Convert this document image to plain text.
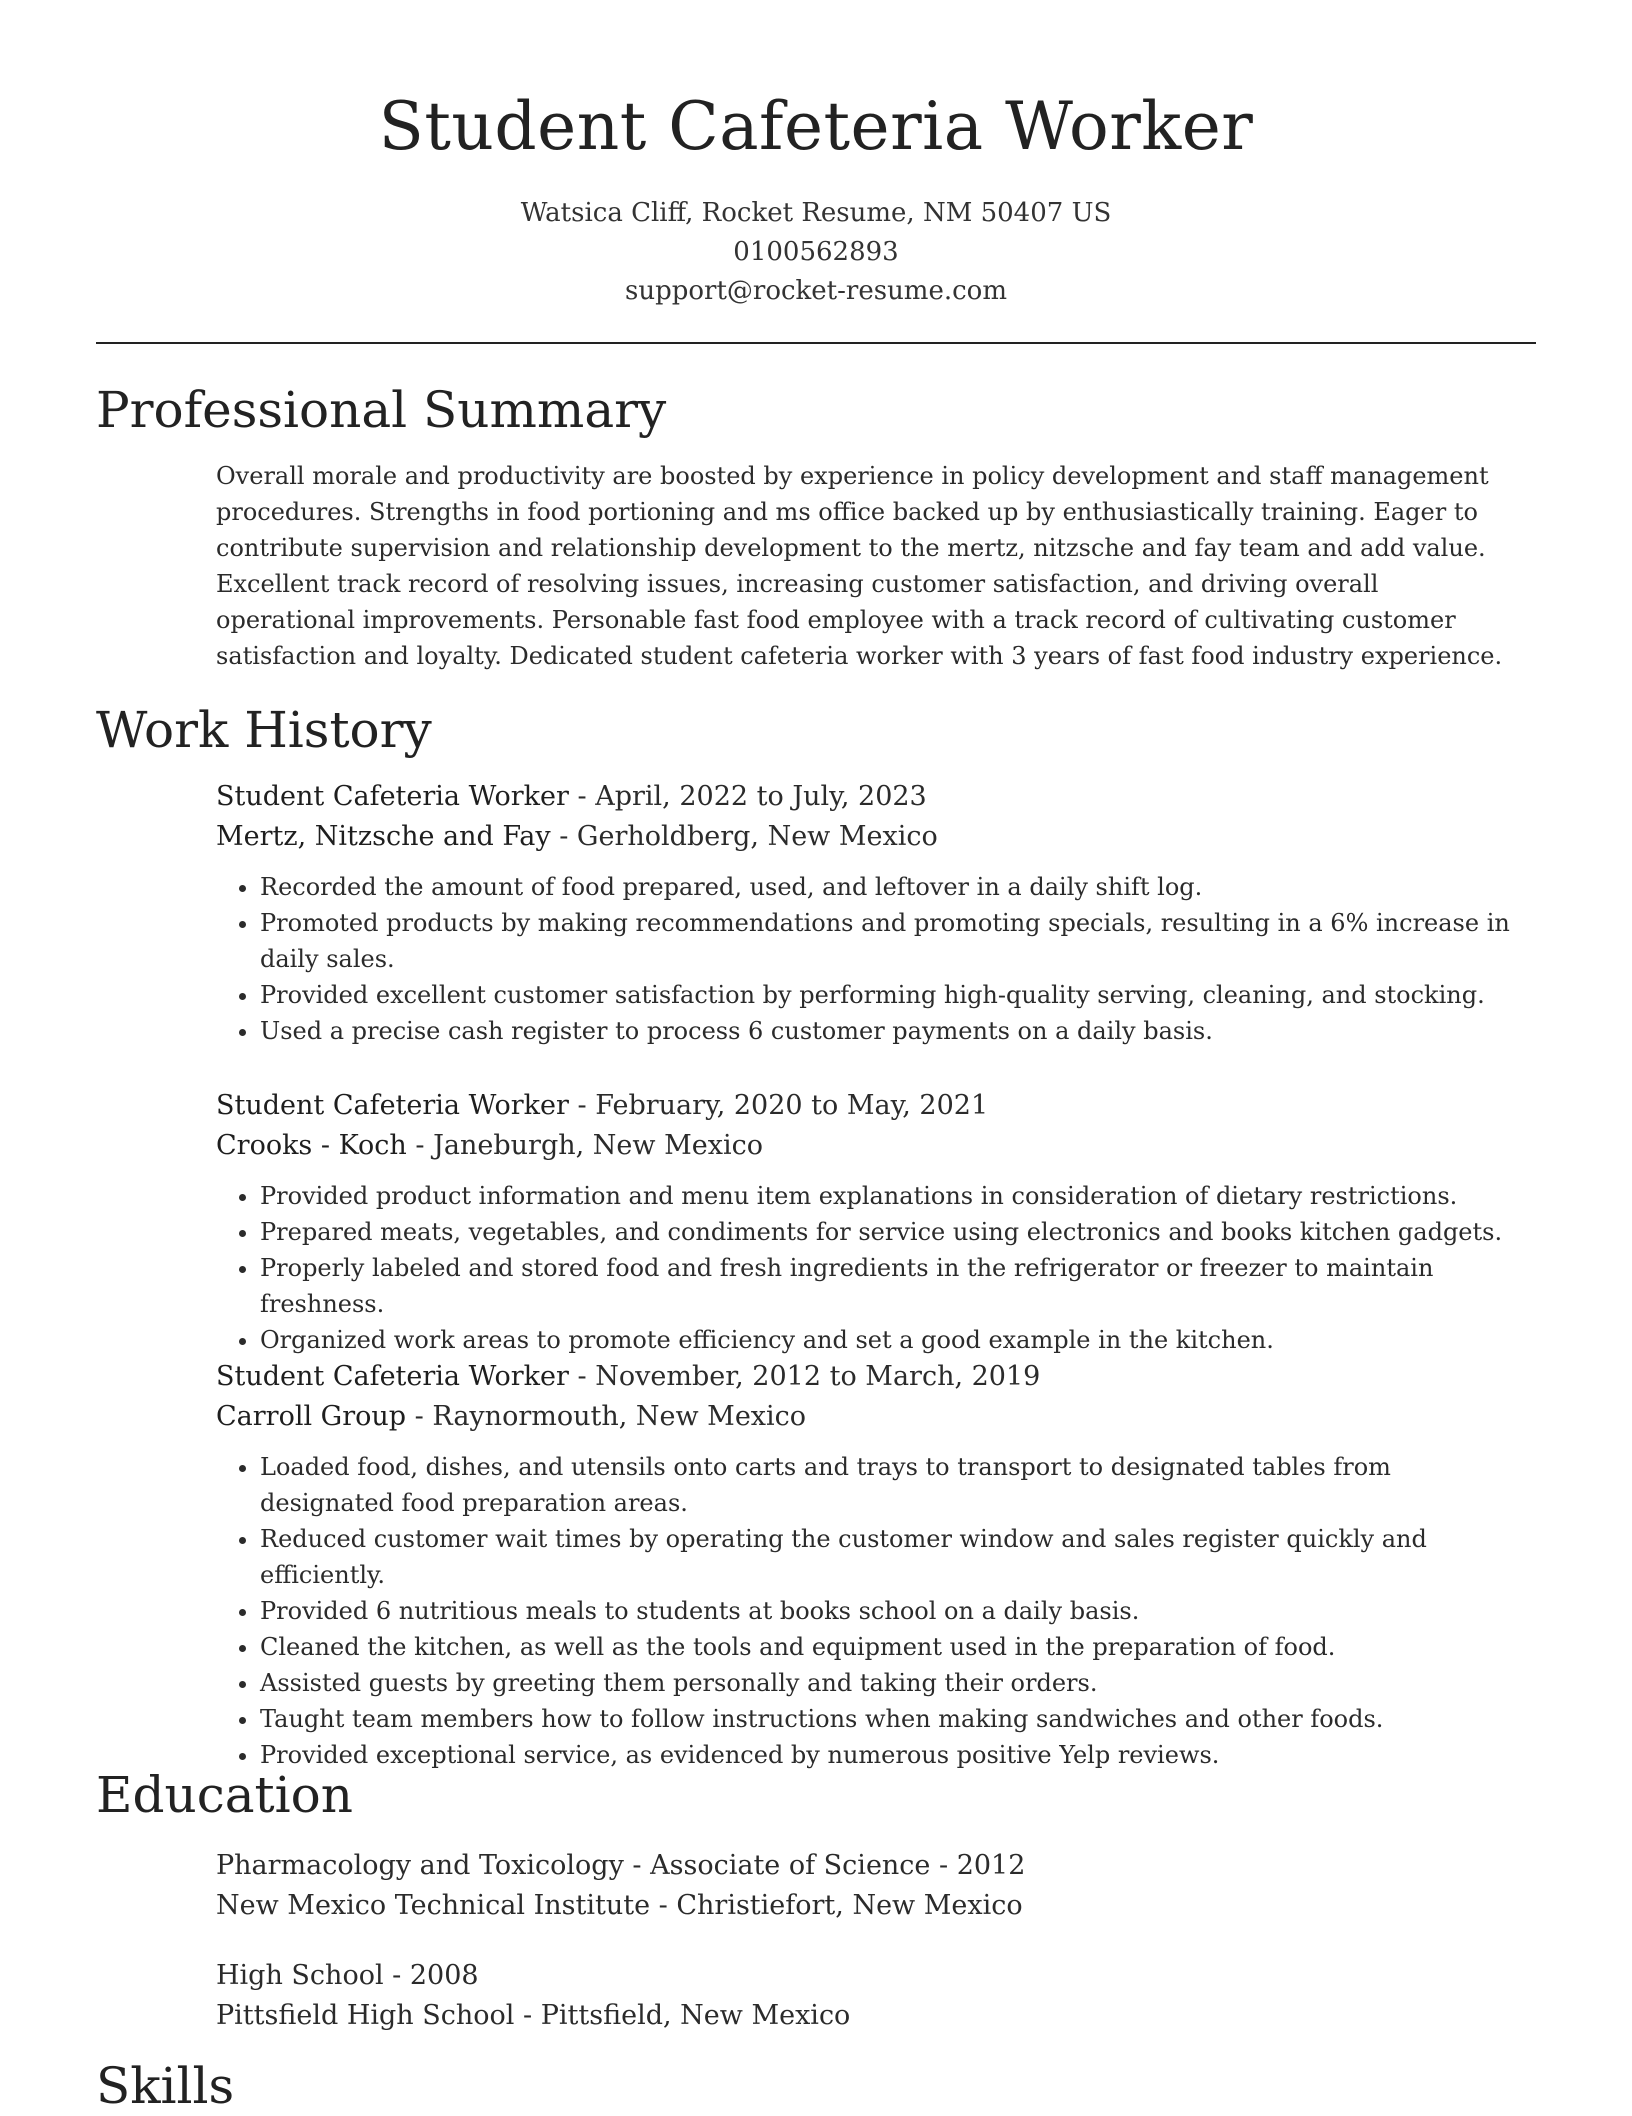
Student Cafeteria Worker
Watsica Cliff, Rocket Resume, NM 50407 US
0100562893
support@rocket-resume.com
Professional Summary

Overall morale and productivity are boosted by experience in policy development and staff management procedures. Strengths in food portioning and ms office backed up by enthusiastically training. Eager to contribute supervision and relationship development to the mertz, nitzsche and fay team and add value. Excellent track record of resolving issues, increasing customer satisfaction, and driving overall operational improvements. Personable fast food employee with a track record of cultivating customer satisfaction and loyalty. Dedicated student cafeteria worker with 3 years of fast food industry experience.

Work History
Student Cafeteria Worker - April, 2022 to July, 2023
Mertz, Nitzsche and Fay - Gerholdberg, New Mexico
• Recorded the amount of food prepared, used, and leftover in a daily shift log.
• Promoted products by making recommendations and promoting specials, resulting in a 6% increase in daily sales.
• Provided excellent customer satisfaction by performing high-quality serving, cleaning, and stocking.
• Used a precise cash register to process 6 customer payments on a daily basis.
Student Cafeteria Worker - February, 2020 to May, 2021
Crooks - Koch - Janeburgh, New Mexico
• Provided product information and menu item explanations in consideration of dietary restrictions.
• Prepared meats, vegetables, and condiments for service using electronics and books kitchen gadgets.
• Properly labeled and stored food and fresh ingredients in the refrigerator or freezer to maintain freshness.
• Organized work areas to promote efficiency and set a good example in the kitchen.
Student Cafeteria Worker - November, 2012 to March, 2019
Carroll Group - Raynormouth, New Mexico
• Loaded food, dishes, and utensils onto carts and trays to transport to designated tables from designated food preparation areas.
• Reduced customer wait times by operating the customer window and sales register quickly and efficiently.
• Provided 6 nutritious meals to students at books school on a daily basis.
• Cleaned the kitchen, as well as the tools and equipment used in the preparation of food.
• Assisted guests by greeting them personally and taking their orders.
• Taught team members how to follow instructions when making sandwiches and other foods.
• Provided exceptional service, as evidenced by numerous positive Yelp reviews.
Education
Pharmacology and Toxicology - Associate of Science - 2012
New Mexico Technical Institute - Christiefort, New Mexico
High School - 2008
Pittsfield High School - Pittsfield, New Mexico
Skills
